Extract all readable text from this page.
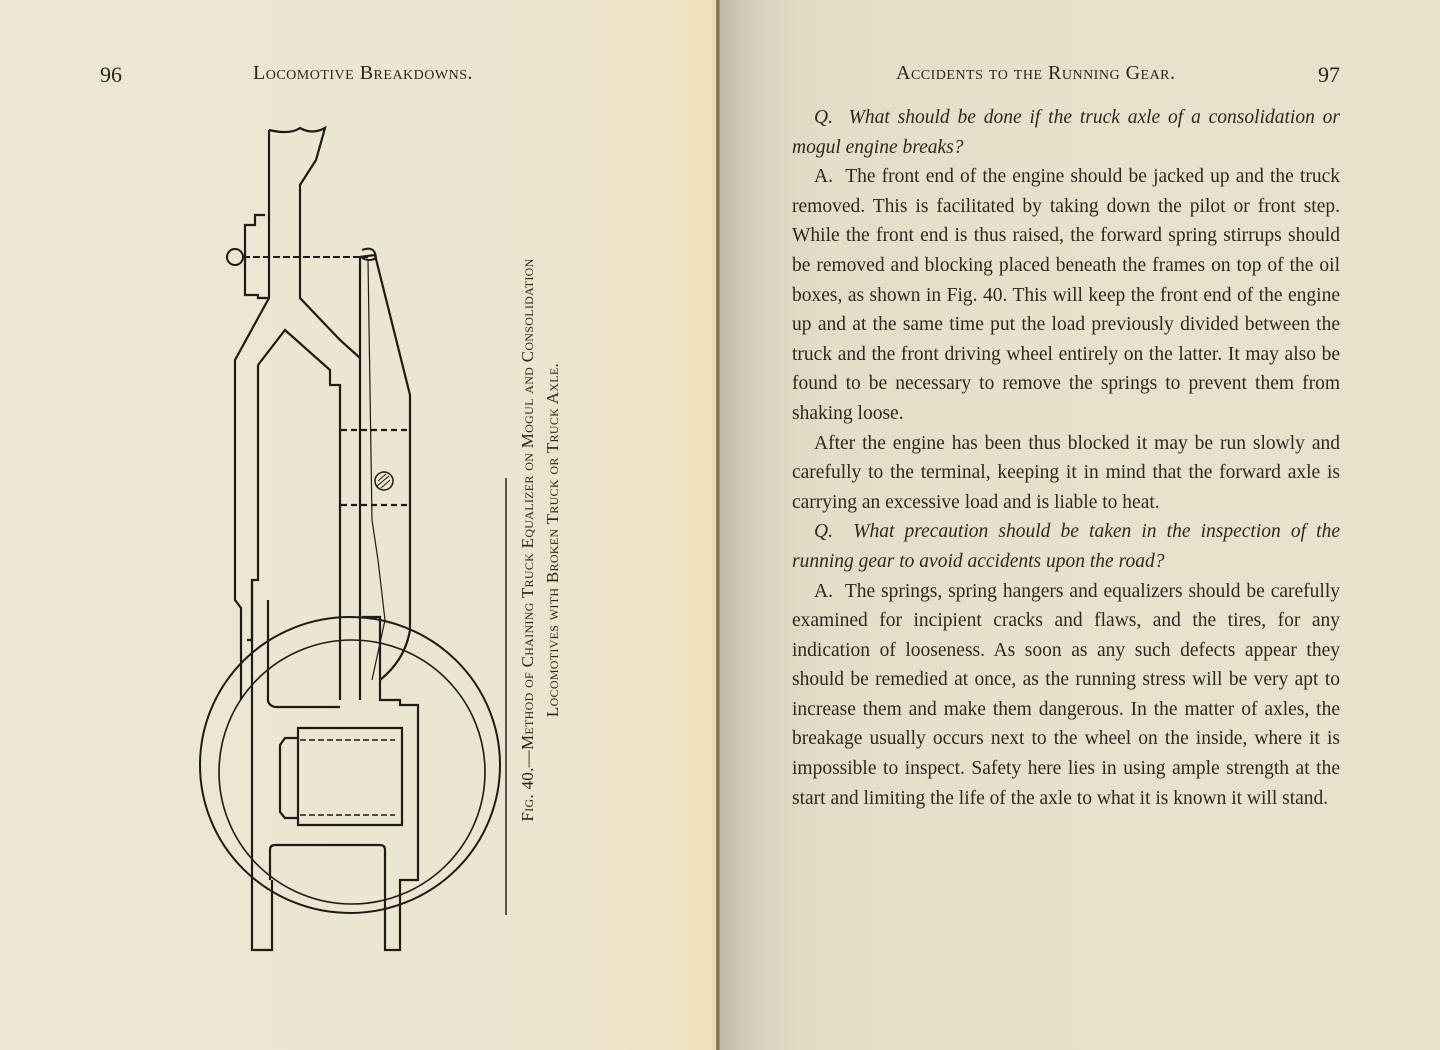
96	Locomotive Breakdowns.
Fig. 40.—Method of Chaining Truck Equalizer on Mogul and Consolidation Locomotives with Broken Truck or Truck Axle.
Accidents to the Running Gear.	97

Q. What should be done if the truck axle of a consolidation or mogul engine breaks?

A. The front end of the engine should be jacked up and the truck removed. This is facilitated by taking down the pilot or front step. While the front end is thus raised, the forward spring stirrups should be removed and blocking placed beneath the frames on top of the oil boxes, as shown in Fig. 40. This will keep the front end of the engine up and at the same time put the load previously divided between the truck and the front driving wheel entirely on the latter. It may also be found to be necessary to remove the springs to prevent them from shaking loose.

After the engine has been thus blocked it may be run slowly and carefully to the terminal, keeping it in mind that the forward axle is carrying an excessive load and is liable to heat.

Q. What precaution should be taken in the inspection of the running gear to avoid accidents upon the road?

A. The springs, spring hangers and equalizers should be carefully examined for incipient cracks and flaws, and the tires, for any indication of looseness. As soon as any such defects appear they should be remedied at once, as the running stress will be very apt to increase them and make them dangerous. In the matter of axles, the breakage usually occurs next to the wheel on the inside, where it is impossible to inspect. Safety here lies in using ample strength at the start and limiting the life of the axle to what it is known it will stand.
